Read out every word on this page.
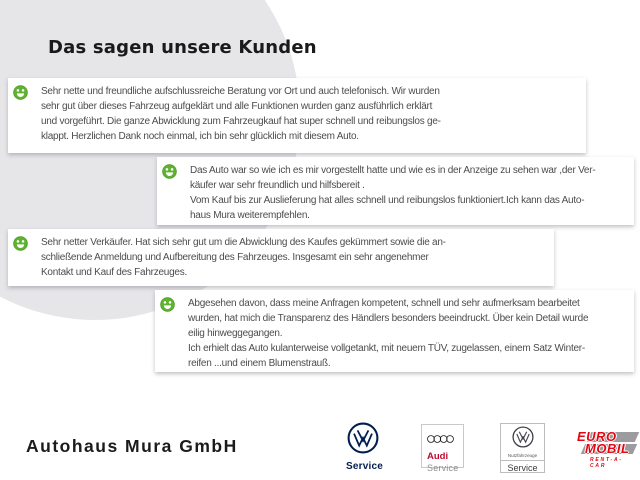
Das sagen unsere Kunden
Sehr nette und freundliche aufschlussreiche Beratung vor Ort und auch telefonisch. Wir wurden
sehr gut über dieses Fahrzeug aufgeklärt und alle Funktionen wurden ganz ausführlich erklärt
und vorgeführt. Die ganze Abwicklung zum Fahrzeugkauf hat super schnell und reibungslos ge-
klappt. Herzlichen Dank noch einmal, ich bin sehr glücklich mit diesem Auto.
Das Auto war so wie ich es mir vorgestellt hatte und wie es in der Anzeige zu sehen war ,der Ver-
käufer war sehr freundlich und hilfsbereit .
Vom Kauf bis zur Auslieferung hat alles schnell und reibungslos funktioniert.Ich kann das Auto-
haus Mura weiterempfehlen.
Sehr netter Verkäufer. Hat sich sehr gut um die Abwicklung des Kaufes gekümmert sowie die an-
schließende Anmeldung und Aufbereitung des Fahrzeuges. Insgesamt ein sehr angenehmer
Kontakt und Kauf des Fahrzeuges.
Abgesehen davon, dass meine Anfragen kompetent, schnell und sehr aufmerksam bearbeitet
wurden, hat mich die Transparenz des Händlers besonders beeindruckt. Über kein Detail wurde
eilig hinweggegangen.
Ich erhielt das Auto kulanterweise vollgetankt, mit neuem TÜV, zugelassen, einem Satz Winter-
reifen ...und einem Blumenstrauß.
Autohaus Mura GmbH
Service
Audi
Service
Nutzfahrzeuge
Service
EURO
MOBIL
RENT-A-CAR
